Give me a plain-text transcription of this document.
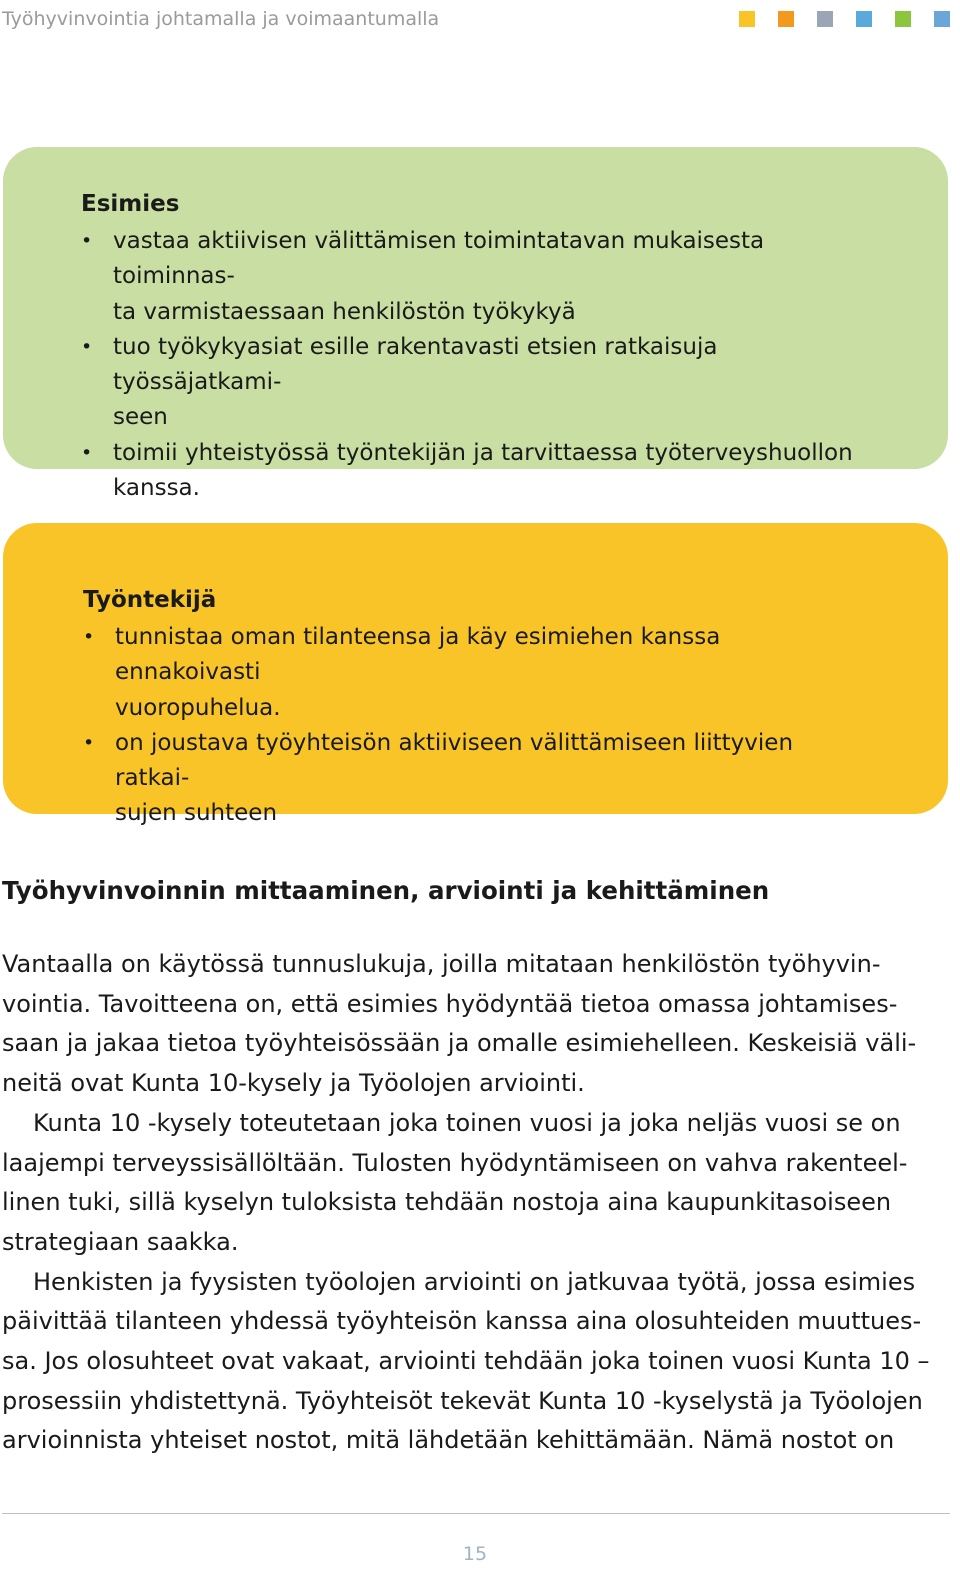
Työhyvinvointia johtamalla ja voimaantumalla
Esimies
• vastaa aktiivisen välittämisen toimintatavan mukaisesta toiminnas-
ta varmistaessaan henkilöstön työkykyä
• tuo työkykyasiat esille rakentavasti etsien ratkaisuja työssäjatkami-
seen
• toimii yhteistyössä työntekijän ja tarvittaessa työterveyshuollon
kanssa.
Työntekijä
• tunnistaa oman tilanteensa ja käy esimiehen kanssa ennakoivasti
vuoropuhelua.
• on joustava työyhteisön aktiiviseen välittämiseen liittyvien ratkai-
sujen suhteen
Työhyvinvoinnin mittaaminen, arviointi ja kehittäminen

Vantaalla on käytössä tunnuslukuja, joilla mitataan henkilöstön työhyvin-
vointia. Tavoitteena on, että esimies hyödyntää tietoa omassa johtamises-
saan ja jakaa tietoa työyhteisössään ja omalle esimiehelleen. Keskeisiä väli-
neitä ovat Kunta 10-kysely ja Työolojen arviointi.

Kunta 10 -kysely toteutetaan joka toinen vuosi ja joka neljäs vuosi se on
laajempi terveyssisällöltään. Tulosten hyödyntämiseen on vahva rakenteel-
linen tuki, sillä kyselyn tuloksista tehdään nostoja aina kaupunkitasoiseen
strategiaan saakka.

Henkisten ja fyysisten työolojen arviointi on jatkuvaa työtä, jossa esimies
päivittää tilanteen yhdessä työyhteisön kanssa aina olosuhteiden muuttues-
sa. Jos olosuhteet ovat vakaat, arviointi tehdään joka toinen vuosi Kunta 10 –
prosessiin yhdistettynä. Työyhteisöt tekevät Kunta 10 -kyselystä ja Työolojen
arvioinnista yhteiset nostot, mitä lähdetään kehittämään. Nämä nostot on

15
